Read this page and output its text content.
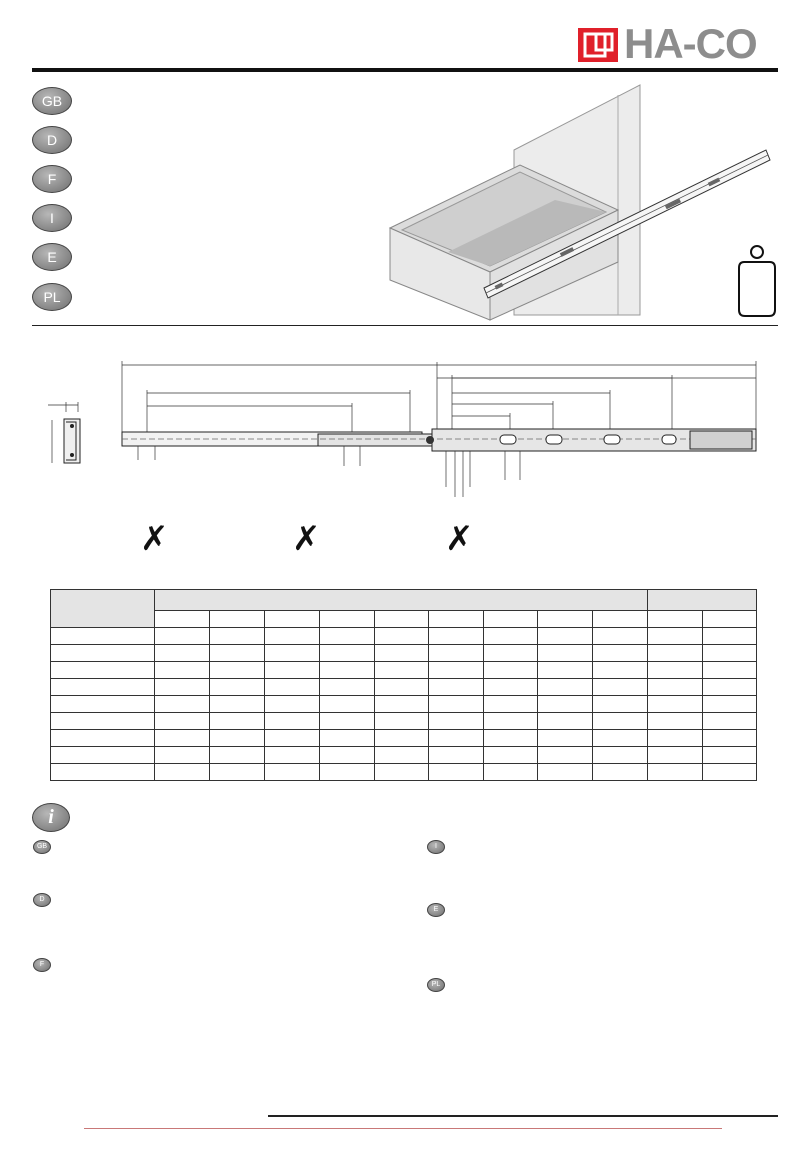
HA-CO
GB
D
F
I
E
PL
✗	✗	✗

i
GB
D
F
I
E
PL
